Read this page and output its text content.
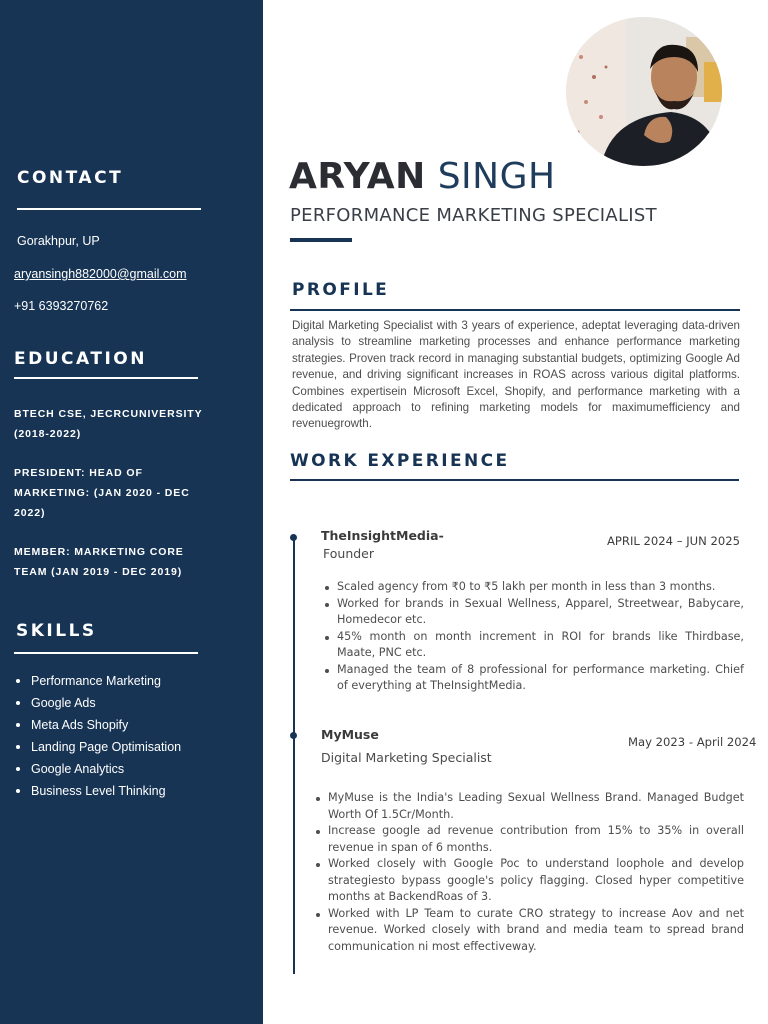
CONTACT
Gorakhpur, UP
aryansingh882000@gmail.com
+91 6393270762
EDUCATION
BTECH CSE, JECRCUNIVERSITY (2018-2022)
PRESIDENT: HEAD OF MARKETING: (JAN 2020 - DEC 2022)
MEMBER: MARKETING CORE TEAM (JAN 2019 - DEC 2019)
SKILLS
Performance Marketing
Google Ads
Meta Ads Shopify
Landing Page Optimisation
Google Analytics
Business Level Thinking
ARYAN SINGH
PERFORMANCE MARKETING SPECIALIST
PROFILE
Digital Marketing Specialist with 3 years of experience, adeptat leveraging data-driven analysis to streamline marketing processes and enhance performance marketing strategies. Proven track record in managing substantial budgets, optimizing Google Ad revenue, and driving significant increases in ROAS across various digital platforms. Combines expertisein Microsoft Excel, Shopify, and performance marketing with a dedicated approach to refining marketing models for maximumefficiency and revenuegrowth.
WORK EXPERIENCE
TheInsightMedia-
Founder
APRIL 2024 – JUN 2025
Scaled agency from ₹0 to ₹5 lakh per month in less than 3 months.
Worked for brands in Sexual Wellness, Apparel, Streetwear, Babycare, Homedecor etc.
45% month on month increment in ROI for brands like Thirdbase, Maate, PNC etc.
Managed the team of 8 professional for performance marketing. Chief of everything at TheInsightMedia.
MyMuse
Digital Marketing Specialist
May 2023 - April 2024
MyMuse is the India's Leading Sexual Wellness Brand. Managed Budget Worth Of 1.5Cr/Month.
Increase google ad revenue contribution from 15% to 35% in overall revenue in span of 6 months.
Worked closely with Google Poc to understand loophole and develop strategiesto bypass google's policy flagging. Closed hyper competitive months at BackendRoas of 3.
Worked with LP Team to curate CRO strategy to increase Aov and net revenue. Worked closely with brand and media team to spread brand communication ni most effectiveway.
